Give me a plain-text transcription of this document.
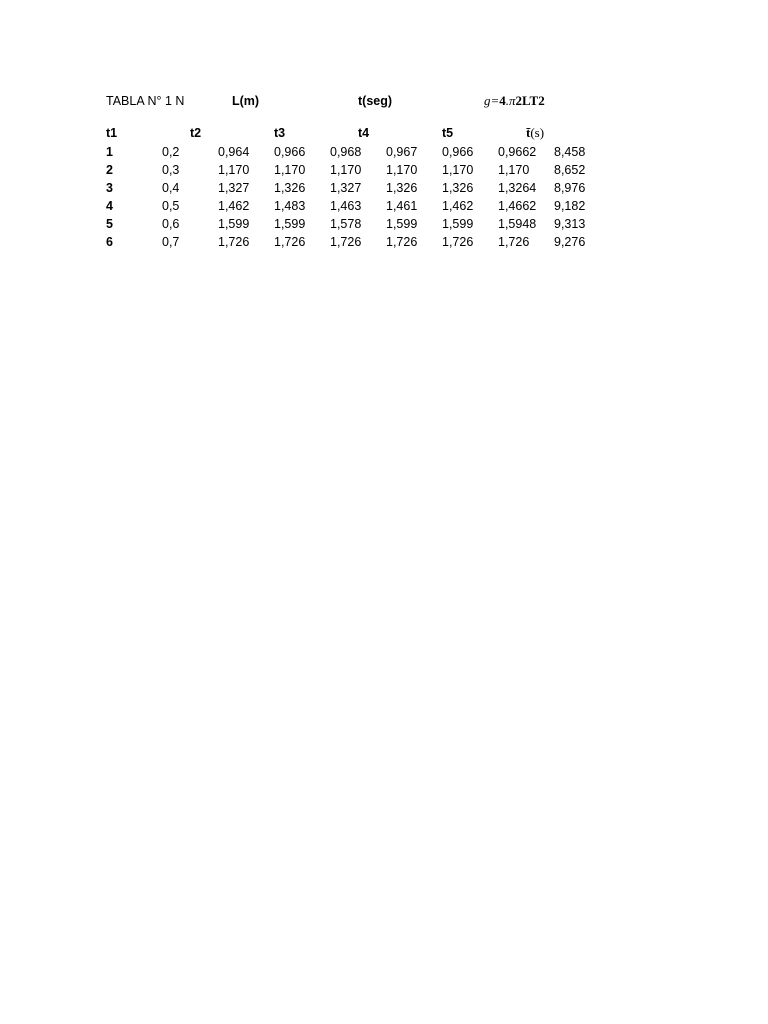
TABLA N° 1 N	L(m)	t(seg)	g=4.π2LT2
t1	t2	t3	t4	t5	t̄(s)
1	0,2	0,964 0,966 0,968 0,967 0,966 0,9662 8,458
2	0,3	1,170 1,170 1,170 1,170 1,170 1,170 8,652
3	0,4	1,327 1,326 1,327 1,326 1,326 1,3264 8,976
4	0,5	1,462 1,483 1,463 1,461 1,462 1,4662 9,182
5	0,6	1,599 1,599 1,578 1,599 1,599 1,5948 9,313
6	0,7	1,726 1,726 1,726 1,726 1,726 1,726 9,276
